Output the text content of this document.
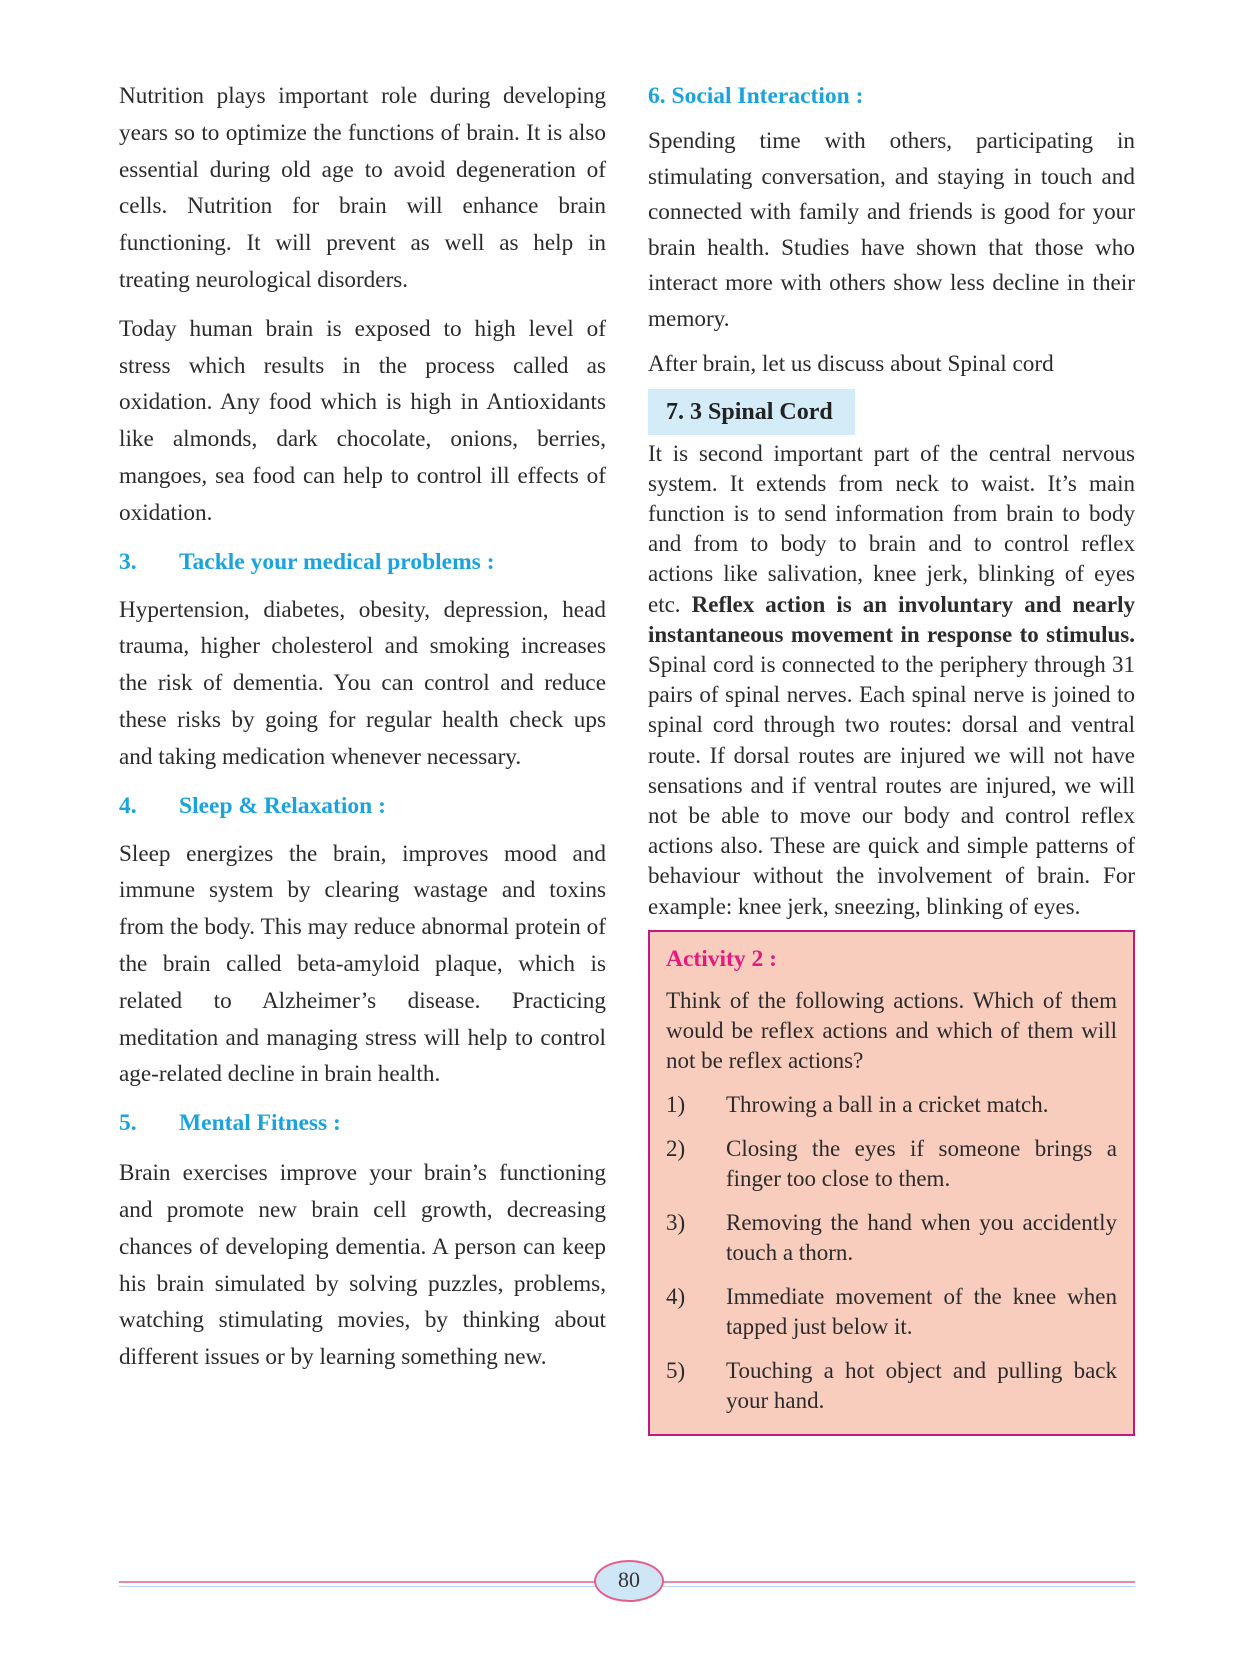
Nutrition plays important role during developing years so to optimize the functions of brain. It is also essential during old age to avoid degeneration of cells. Nutrition for brain will enhance brain functioning. It will prevent as well as help in treating neurological disorders.

Today human brain is exposed to high level of stress which results in the process called as oxidation. Any food which is high in Antioxidants like almonds, dark chocolate, onions, berries, mangoes, sea food can help to control ill effects of oxidation.

3.	Tackle your medical problems :

Hypertension, diabetes, obesity, depression, head trauma, higher cholesterol and smoking increases the risk of dementia. You can control and reduce these risks by going for regular health check ups and taking medication whenever necessary.

4.	Sleep & Relaxation :

Sleep energizes the brain, improves mood and immune system by clearing wastage and toxins from the body. This may reduce abnormal protein of the brain called beta-amyloid plaque, which is related to Alzheimer’s disease. Practicing meditation and managing stress will help to control age-related decline in brain health.

5.	Mental Fitness :

Brain exercises improve your brain’s functioning and promote new brain cell growth, decreasing chances of developing dementia. A person can keep his brain simulated by solving puzzles, problems, watching stimulating movies, by thinking about different issues or by learning something new.

6. Social Interaction :

Spending time with others, participating in stimulating conversation, and staying in touch and connected with family and friends is good for your brain health. Studies have shown that those who interact more with others show less decline in their memory.

After brain, let us discuss about Spinal cord

7. 3 Spinal Cord

It is second important part of the central nervous system. It extends from neck to waist. It’s main function is to send information from brain to body and from to body to brain and to control reflex actions like salivation, knee jerk, blinking of eyes etc. Reflex action is an involuntary and nearly instantaneous movement in response to stimulus. Spinal cord is connected to the periphery through 31 pairs of spinal nerves. Each spinal nerve is joined to spinal cord through two routes: dorsal and ventral route. If dorsal routes are injured we will not have sensations and if ventral routes are injured, we will not be able to move our body and control reflex actions also. These are quick and simple patterns of behaviour without the involvement of brain. For example: knee jerk, sneezing, blinking of eyes.

Activity 2 :

Think of the following actions. Which of them would be reflex actions and which of them will not be reflex actions?

1)	Throwing a ball in a cricket match.
2)	Closing the eyes if someone brings a finger too close to them.
3)	Removing the hand when you accidently touch a thorn.
4)	Immediate movement of the knee when tapped just below it.
5)	Touching a hot object and pulling back your hand.
80
